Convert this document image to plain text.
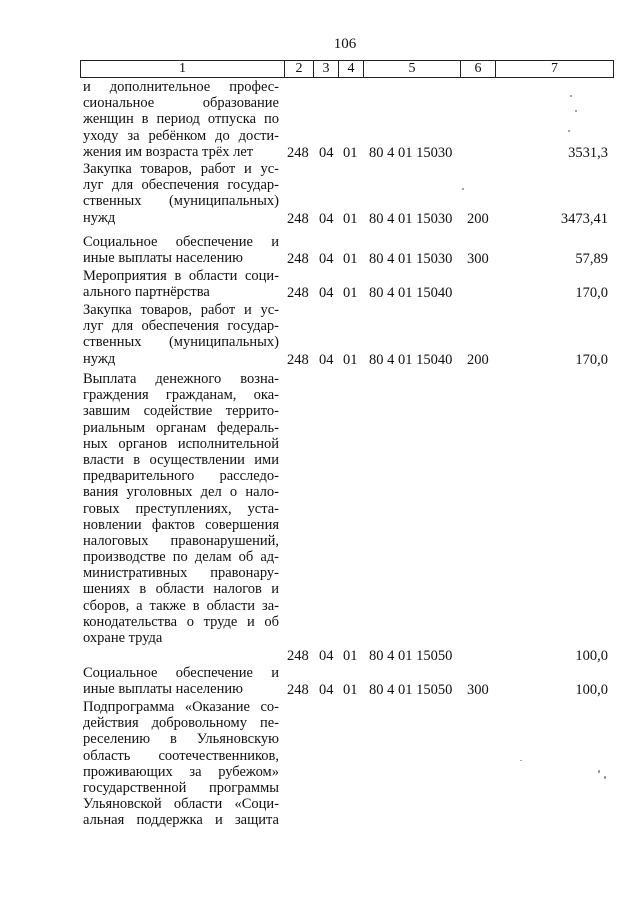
106
1	2	3	4	5	6	7
и дополнительное профес-
сиональное образование
женщин в период отпуска по
уходу за ребёнком до дости-
жения им возраста трёх лет	248 04 01 80 4 01 15030	3531,3
Закупка товаров, работ и ус-
луг для обеспечения государ-
ственных (муниципальных)
нужд	248 04 01 80 4 01 15030 200	3473,41
Социальное обеспечение и
иные выплаты населению	248 04 01 80 4 01 15030 300	57,89
Мероприятия в области соци-
ального партнёрства	248 04 01 80 4 01 15040	170,0
Закупка товаров, работ и ус-
луг для обеспечения государ-
ственных (муниципальных)
нужд	248 04 01 80 4 01 15040 200	170,0
Выплата денежного возна-
граждения гражданам, ока-
завшим содействие террито-
риальным органам федераль-
ных органов исполнительной
власти в осуществлении ими
предварительного расследо-
вания уголовных дел о нало-
говых преступлениях, уста-
новлении фактов совершения
налоговых правонарушений,
производстве по делам об ад-
министративных правонару-
шениях в области налогов и
сборов, а также в области за-
конодательства о труде и об
охране труда
248 04 01 80 4 01 15050	100,0
Социальное обеспечение и
иные выплаты населению	248 04 01 80 4 01 15050 300	100,0
Подпрограмма «Оказание со-
действия добровольному пе-
реселению в Ульяновскую
область соотечественников,
проживающих за рубежом»
государственной программы
Ульяновской области «Соци-
альная поддержка и защита
